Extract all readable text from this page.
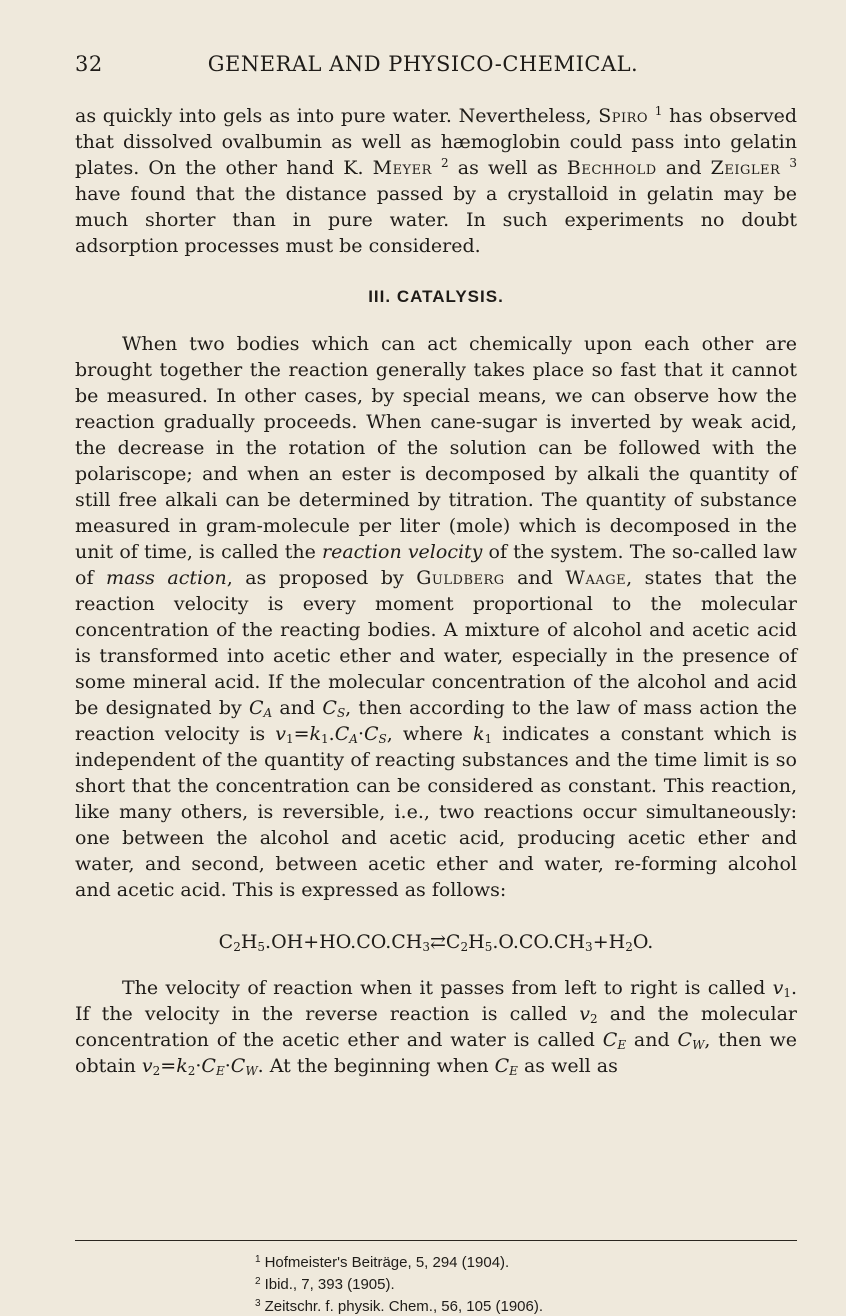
32	GENERAL AND PHYSICO-CHEMICAL.

as quickly into gels as into pure water. Nevertheless, Spiro $^1$ has observed that dissolved ovalbumin as well as hæmoglobin could pass into gelatin plates. On the other hand K. Meyer $^2$ as well as Bechhold and Zeigler $^3$ have found that the distance passed by a crystalloid in gelatin may be much shorter than in pure water. In such experiments no doubt adsorption processes must be considered.

III. CATALYSIS.

When two bodies which can act chemically upon each other are brought together the reaction generally takes place so fast that it cannot be measured. In other cases, by special means, we can observe how the reaction gradually proceeds. When cane-sugar is inverted by weak acid, the decrease in the rotation of the solution can be followed with the polariscope; and when an ester is decomposed by alkali the quantity of still free alkali can be determined by titration. The quantity of substance measured in gram-molecule per liter (mole) which is decomposed in the unit of time, is called the reaction velocity of the system. The so-called law of mass action, as proposed by Guldberg and Waage, states that the reaction velocity is every moment proportional to the molecular concentration of the reacting bodies. A mixture of alcohol and acetic acid is transformed into acetic ether and water, especially in the presence of some mineral acid. If the molecular concentration of the alcohol and acid be designated by $C_A$ and $C_S$, then according to the law of mass action the reaction velocity is $v_1=k_1.C_A\cdot C_S$, where $k_1$ indicates a constant which is independent of the quantity of reacting substances and the time limit is so short that the concentration can be considered as constant. This reaction, like many others, is reversible, i.e., two reactions occur simultaneously: one between the alcohol and acetic acid, producing acetic ether and water, and second, between acetic ether and water, re-forming alcohol and acetic acid. This is expressed as follows:

$C_2H_5.OH+HO.CO.CH_3⇄C_2H_5.O.CO.CH_3+H_2O$.

The velocity of reaction when it passes from left to right is called $v_1$. If the velocity in the reverse reaction is called $v_2$ and the molecular concentration of the acetic ether and water is called $C_E$ and $C_W$, then we obtain $v_2=k_2\cdot C_E\cdot C_W$. At the beginning when $C_E$ as well as

$^1$ Hofmeister's Beiträge, 5, 294 (1904).
$^2$ Ibid., 7, 393 (1905).
$^3$ Zeitschr. f. physik. Chem., 56, 105 (1906).
